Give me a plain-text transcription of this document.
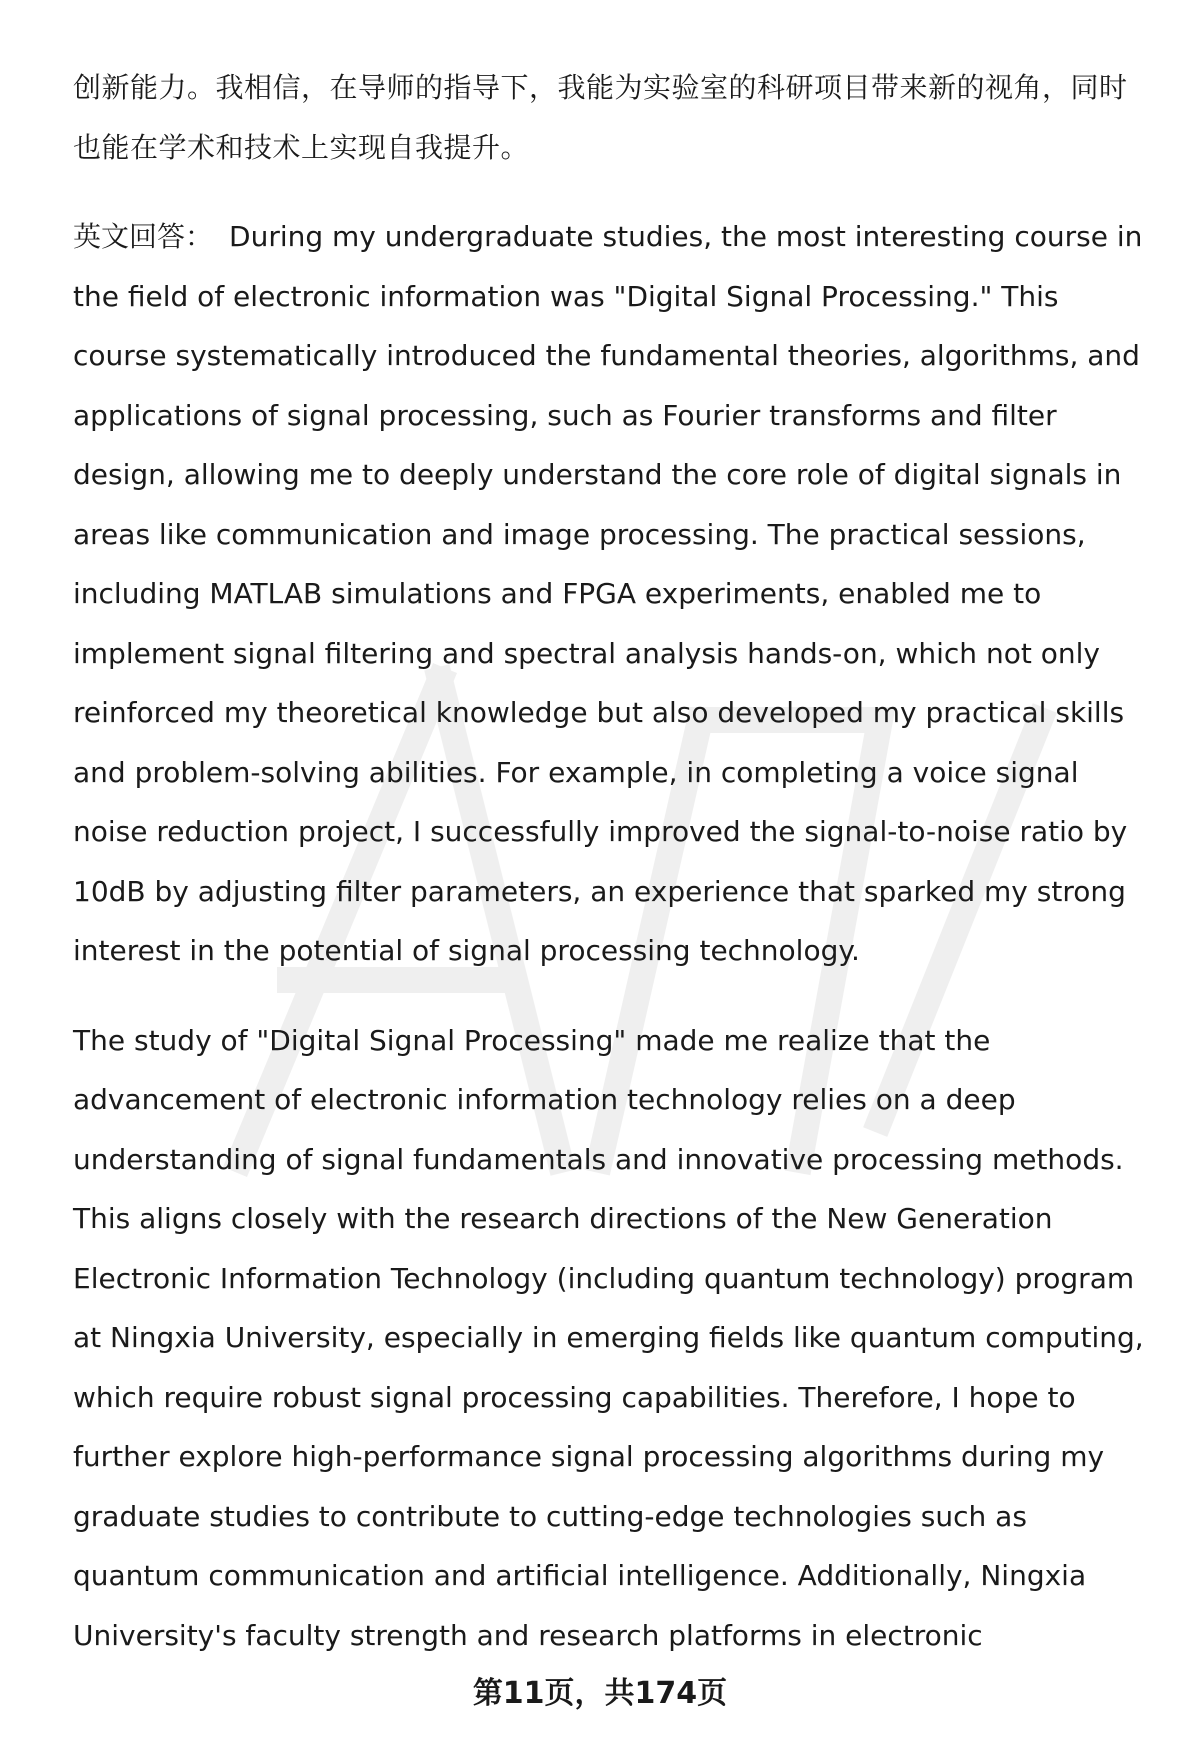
创新能力。我相信，在导师的指导下，我能为实验室的科研项目带来新的视角，同时也能在学术和技术上实现自我提升。

英文回答： During my undergraduate studies, the most interesting course in the field of electronic information was "Digital Signal Processing." This course systematically introduced the fundamental theories, algorithms, and applications of signal processing, such as Fourier transforms and filter design, allowing me to deeply understand the core role of digital signals in areas like communication and image processing. The practical sessions, including MATLAB simulations and FPGA experiments, enabled me to implement signal filtering and spectral analysis hands-on, which not only reinforced my theoretical knowledge but also developed my practical skills and problem-solving abilities. For example, in completing a voice signal noise reduction project, I successfully improved the signal-to-noise ratio by 10dB by adjusting filter parameters, an experience that sparked my strong interest in the potential of signal processing technology.

The study of "Digital Signal Processing" made me realize that the advancement of electronic information technology relies on a deep understanding of signal fundamentals and innovative processing methods. This aligns closely with the research directions of the New Generation Electronic Information Technology (including quantum technology) program at Ningxia University, especially in emerging fields like quantum computing, which require robust signal processing capabilities. Therefore, I hope to further explore high-performance signal processing algorithms during my graduate studies to contribute to cutting-edge technologies such as quantum communication and artificial intelligence. Additionally, Ningxia University's faculty strength and research platforms in electronic

第11页，共174页
